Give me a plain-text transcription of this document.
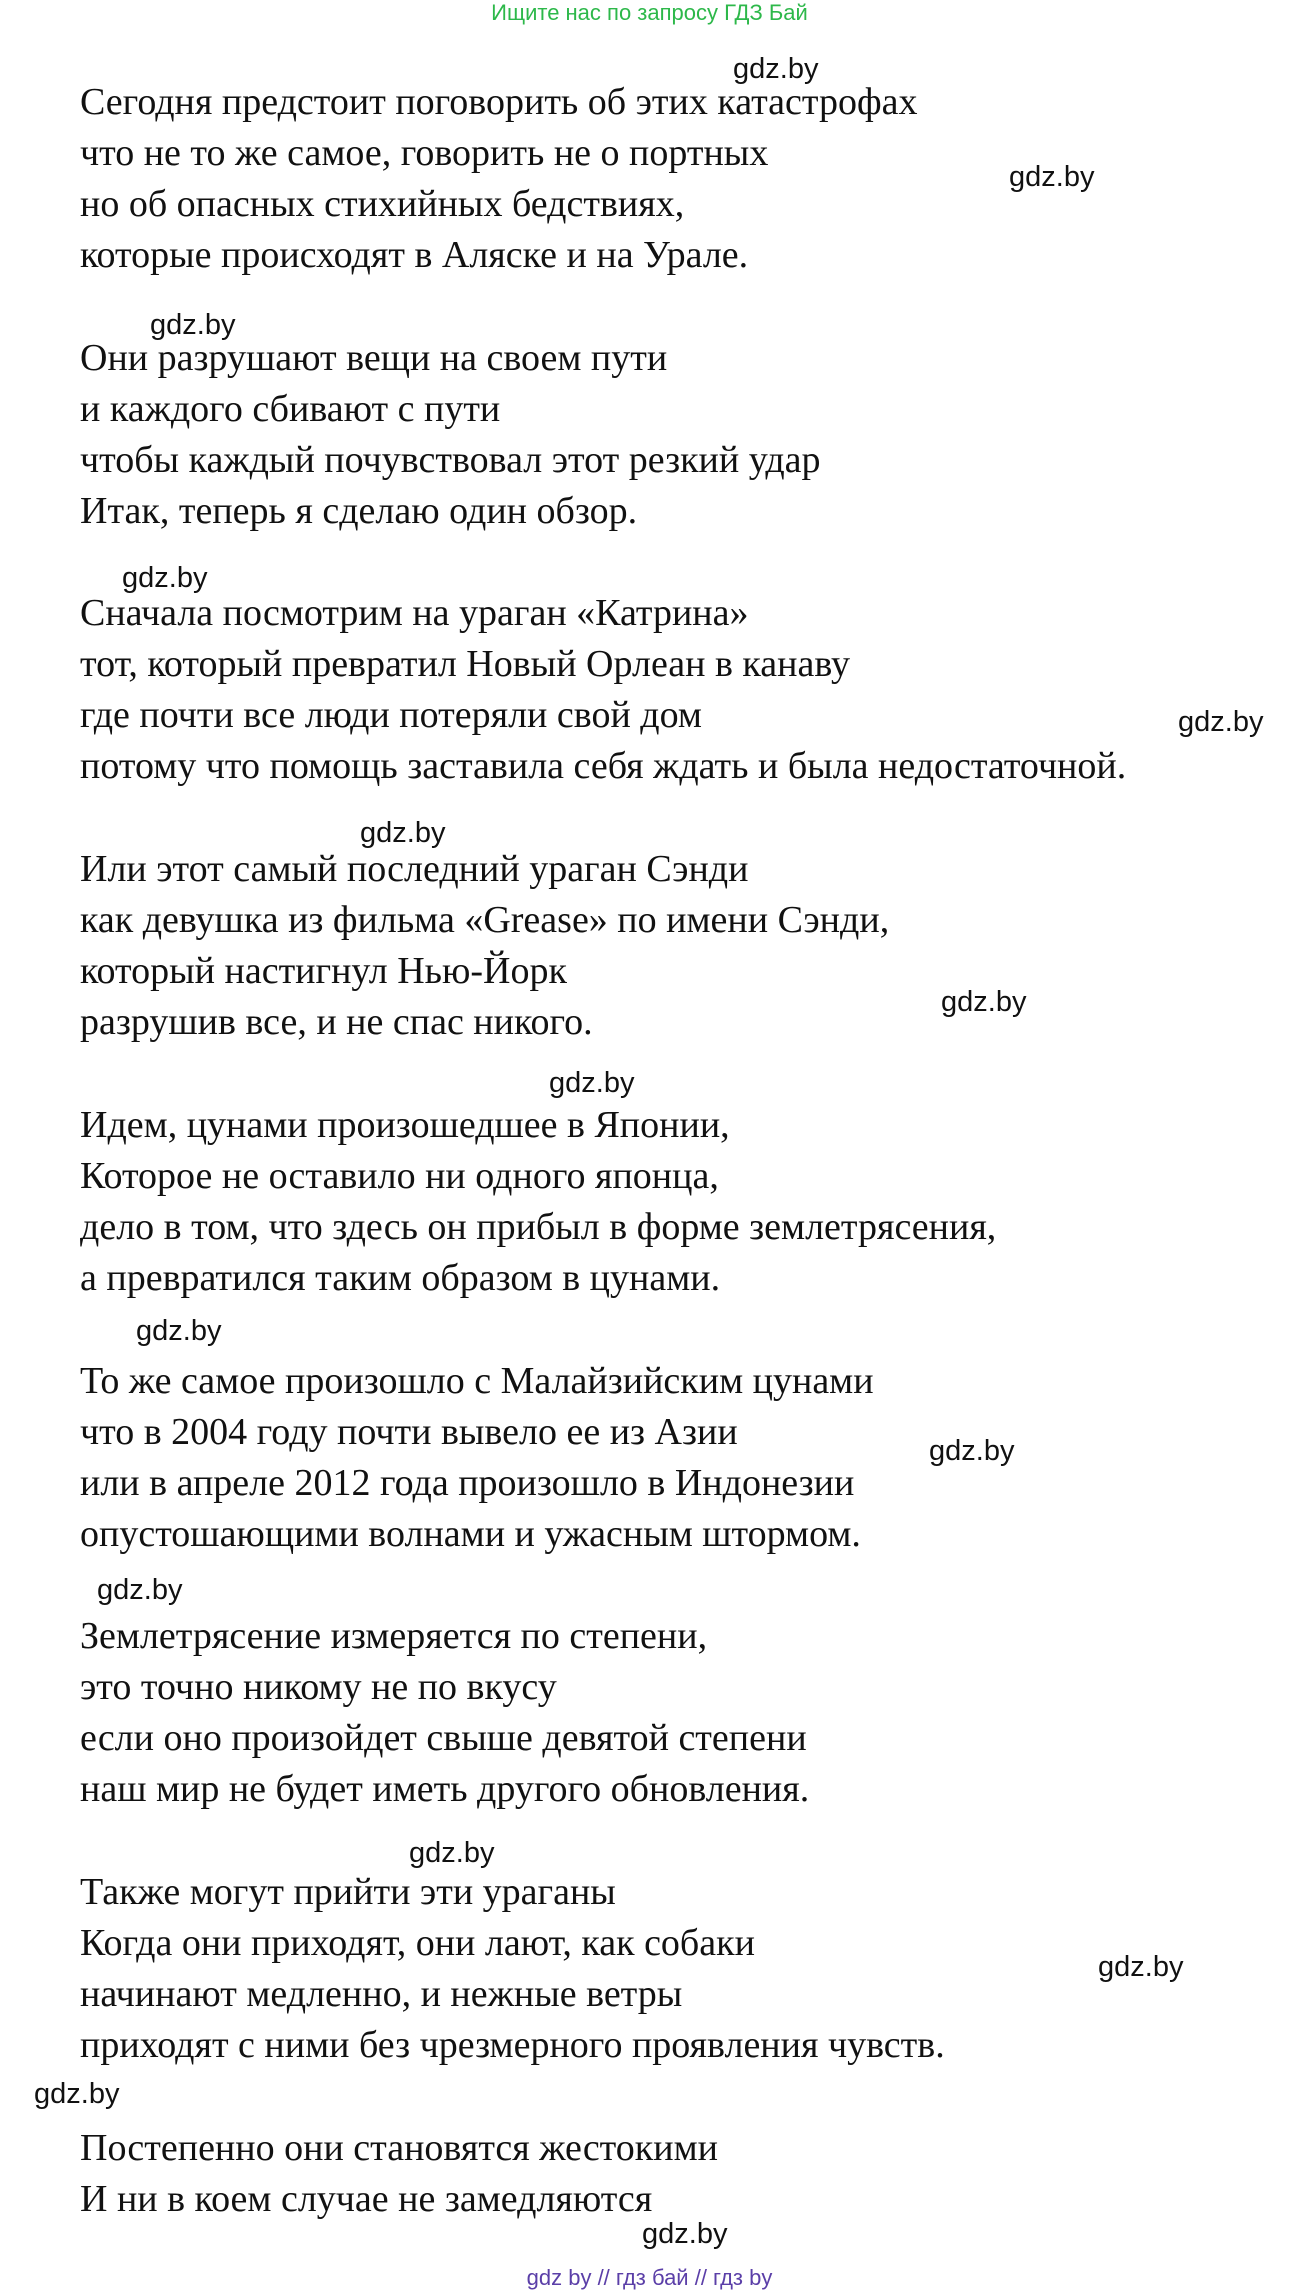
Ищите нас по запросу ГДЗ Бай
Сегодня предстоит поговорить об этих катастрофах
что не то же самое, говорить не о портных
но об опасных стихийных бедствиях,
которые происходят в Аляске и на Урале.
Они разрушают вещи на своем пути
и каждого сбивают с пути
чтобы каждый почувствовал этот резкий удар
Итак, теперь я сделаю один обзор.
Сначала посмотрим на ураган «Катрина»
тот, который превратил Новый Орлеан в канаву
где почти все люди потеряли свой дом
потому что помощь заставила себя ждать и была недостаточной.
Или этот самый последний ураган Сэнди
как девушка из фильма «Grease» по имени Сэнди,
который настигнул Нью-Йорк
разрушив все, и не спас никого.
Идем, цунами произошедшее в Японии,
Которое не оставило ни одного японца,
дело в том, что здесь он прибыл в форме землетрясения,
а превратился таким образом в цунами.
То же самое произошло с Малайзийским цунами
что в 2004 году почти вывело ее из Азии
или в апреле 2012 года произошло в Индонезии
опустошающими волнами и ужасным штормом.
Землетрясение измеряется по степени,
это точно никому не по вкусу
если оно произойдет свыше девятой степени
наш мир не будет иметь другого обновления.
Также могут прийти эти ураганы
Когда они приходят, они лают, как собаки
начинают медленно, и нежные ветры
приходят с ними без чрезмерного проявления чувств.
Постепенно они становятся жестокими
И ни в коем случае не замедляются
gdz.by
gdz.by
gdz.by
gdz.by
gdz.by
gdz.by
gdz.by
gdz.by
gdz.by
gdz.by
gdz.by
gdz.by
gdz.by
gdz.by
gdz.by
gdz by // гдз бай // гдз by
